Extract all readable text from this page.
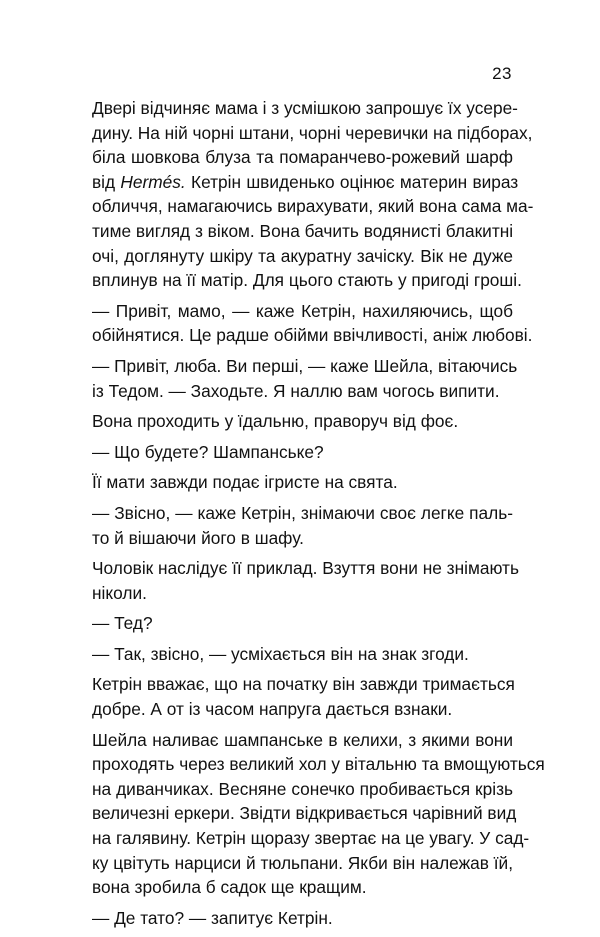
23

Двері відчиняє мама і з усмішкою запрошує їх усере-
дину. На ній чорні штани, чорні черевички на підборах,
біла шовкова блуза та помаранчево-рожевий шарф
від Hermés. Кетрін швиденько оцінює материн вираз
обличчя, намагаючись вирахувати, який вона сама ма-
тиме вигляд з віком. Вона бачить водянисті блакитні
очі, доглянуту шкіру та акуратну зачіску. Вік не дуже
вплинув на її матір. Для цього стають у пригоді гроші.

— Привіт, мамо, — каже Кетрін, нахиляючись, щоб
обійнятися. Це радше обійми ввічливості, аніж любові.

— Привіт, люба. Ви перші, — каже Шейла, вітаючись
із Тедом. — Заходьте. Я наллю вам чогось випити.

Вона проходить у їдальню, праворуч від фоє.

— Що будете? Шампанське?

Її мати завжди подає ігристе на свята.

— Звісно, — каже Кетрін, знімаючи своє легке паль-
то й вішаючи його в шафу.

Чоловік наслідує її приклад. Взуття вони не знімають
ніколи.

— Тед?

— Так, звісно, — усміхається він на знак згоди.

Кетрін вважає, що на початку він завжди тримається
добре. А от із часом напруга дається взнаки.

Шейла наливає шампанське в келихи, з якими вони
проходять через великий хол у вітальню та вмощуються
на диванчиках. Весняне сонечко пробивається крізь
величезні еркери. Звідти відкривається чарівний вид
на галявину. Кетрін щоразу звертає на це увагу. У сад-
ку цвітуть нарциси й тюльпани. Якби він належав їй,
вона зробила б садок ще кращим.

— Де тато? — запитує Кетрін.
